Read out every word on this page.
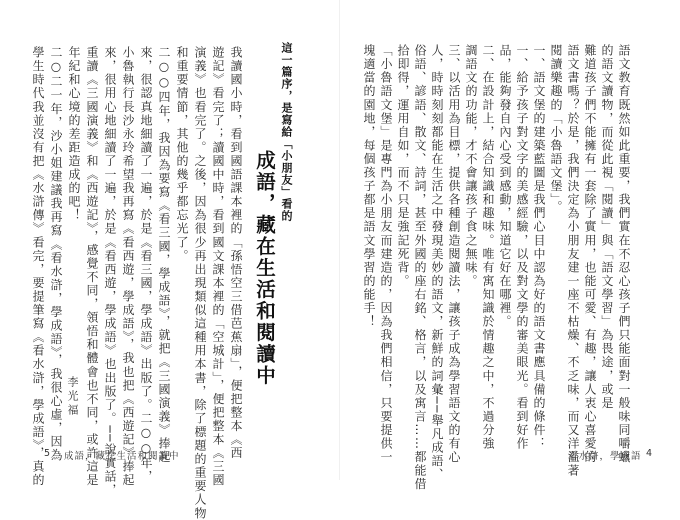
這一篇序，是寫給「小朋友」看的
成語，藏在生活和閱讀中
我讀國小時，看到國語課本裡的「孫悟空三借芭蕉扇」，便把整本《西
遊記》看完了；讀國中時，看到國文課本裡的「空城計」，便把整本《三國
演義》也看完了。之後，因為很少再出現類似這種用本書，除了標題的重要人物
和重要情節，其他的幾乎都忘光了。
二○○四年，我因為要寫《看三國，學成語》，就把《三國演義》捧起
來，很認真地細讀了一遍，於是《看三國，學成語》出版了。二○○年，
小魯執行長沙永玲希望我再寫《看西遊，學成語》，我也把《西遊記》捧起
來，很用心地細讀了一遍，於是《看西遊，學成語》也出版了。──說實話，
重讀《三國演義》和《西遊記》，感覺不同，領悟和體會也不同，或許這是
年紀和心境的差距造成的吧！
二○二一年，沙小姐建議我再寫《看水滸，學成語》，我很心虛，因為
學生時代我並沒有把《水滸傳》看完，要提筆寫《看水滸，學成語》，真的 李光福
5 成語，藏在生活和閱讀中	語文教育既然如此重要，我們實在不忍心孩子們只能面對一般味同嚼蠟
的語文讀物，而從此視「閱讀」與「語文學習」為畏途，或是
難道孩子們不能擁有一套除了實用，也能可愛、有趣，讓人衷心喜愛的
語文書嗎？於是，我們決定為小朋友建一座不枯燥、不乏味，而又洋溢著
閱讀樂趣的「小魯語文堡」。
一、語文堡的建築藍圖是我們心目中認為好的語文書應具備的條件：
一、給予孩子對文字的美感經驗，以及對文學的審美眼光。看到好作
品，能夠發自內心受到感動，知道它好在哪裡。
二、在設計上，結合知識和趣味。唯有寓知識於情趣之中，不過分強
調語文的功能，才不會讓孩子食之無味。
三、以活用為目標，提供各種創造閱讀法，讓孩子成為學習語文的有心
人，時時刻刻都能在生活之中發現美妙的語文，新鮮的詞彙──舉凡成語、
俗語、諺語、散文、詩詞，甚至外國的座右銘、格言，以及寓言……都能借
拾即得，運用自如，而不只是強記死背。
「小魯語文堡」是專門為小朋友而建造的，因為我們相信，只要提供一
塊適當的園地，每個孩子都是語文學習的能手！
看水滸，學成語 4
